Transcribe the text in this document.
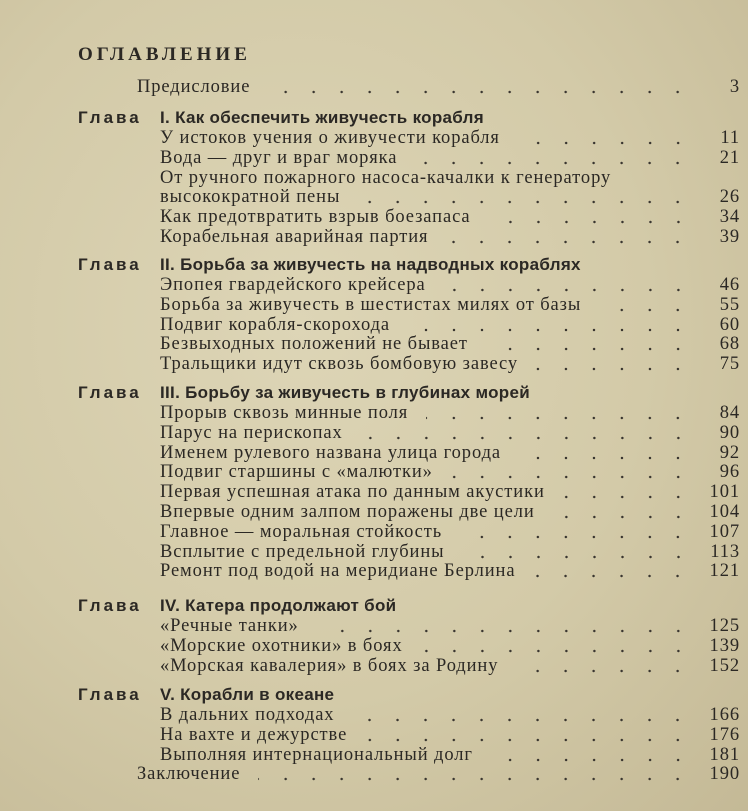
ОГЛАВЛЕНИЕ
Предисловие	3
Глава	I. Как обеспечить живучесть корабля
У истоков учения о живучести корабля	11
Вода — друг и враг моряка	21
От ручного пожарного насоса-качалки к генератору
высокократной пены	26
Как предотвратить взрыв боезапаса	34
Корабельная аварийная партия	39
Глава	II. Борьба за живучесть на надводных кораблях
Эпопея гвардейского крейсера	46
Борьба за живучесть в шестистах милях от базы	55
Подвиг корабля-скорохода	60
Безвыходных положений не бывает	68
Тральщики идут сквозь бомбовую завесу	75
Глава	III. Борьбу за живучесть в глубинах морей
Прорыв сквозь минные поля	84
Парус на перископах	90
Именем рулевого названа улица города	92
Подвиг старшины с «малютки»	96
Первая успешная атака по данным акустики	101
Впервые одним залпом поражены две цели	104
Главное — моральная стойкость	107
Всплытие с предельной глубины	113
Ремонт под водой на меридиане Берлина	121
Глава	IV. Катера продолжают бой
«Речные танки»	125
«Морские охотники» в боях	139
«Морская кавалерия» в боях за Родину	152
Глава	V. Корабли в океане
В дальних подходах	166
На вахте и дежурстве	176
Выполняя интернациональный долг	181
Заключение	190
